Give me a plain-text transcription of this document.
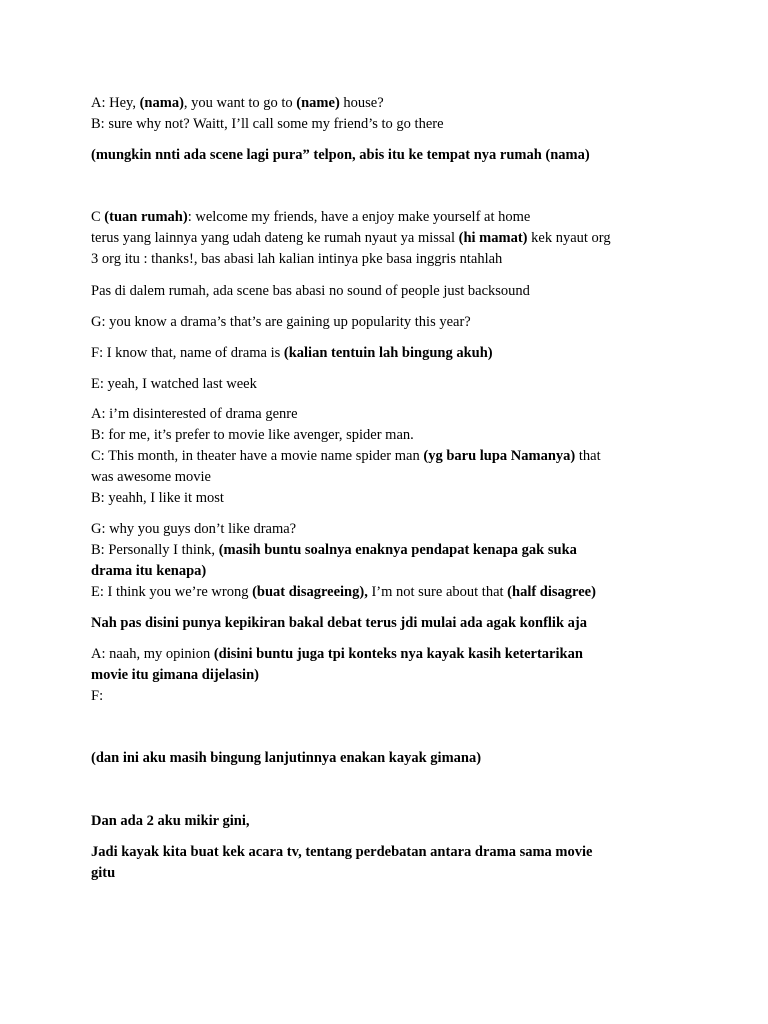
A: Hey, (nama), you want to go to (name) house?
B: sure why not? Waitt, I’ll call some my friend’s to go there
(mungkin nnti ada scene lagi pura” telpon, abis itu ke tempat nya rumah (nama)
C (tuan rumah): welcome my friends, have a enjoy make yourself at home
terus yang lainnya yang udah dateng ke rumah nyaut ya missal (hi mamat) kek nyaut org
3 org itu : thanks!, bas abasi lah kalian intinya pke basa inggris ntahlah
Pas di dalem rumah, ada scene bas abasi no sound of people just backsound
G: you know a drama’s that’s are gaining up popularity this year?
F: I know that, name of drama is (kalian tentuin lah bingung akuh)
E: yeah, I watched last week
A: i’m disinterested of drama genre
B: for me, it’s prefer to movie like avenger, spider man.
C: This month, in theater have a movie name spider man (yg baru lupa Namanya) that
was awesome movie
B: yeahh, I like it most
G: why you guys don’t like drama?
B: Personally I think, (masih buntu soalnya enaknya pendapat kenapa gak suka
drama itu kenapa)
E: I think you we’re wrong (buat disagreeing), I’m not sure about that (half disagree)
Nah pas disini punya kepikiran bakal debat terus jdi mulai ada agak konflik aja
A: naah, my opinion (disini buntu juga tpi konteks nya kayak kasih ketertarikan
movie itu gimana dijelasin)
F:
(dan ini aku masih bingung lanjutinnya enakan kayak gimana)
Dan ada 2 aku mikir gini,
Jadi kayak kita buat kek acara tv, tentang perdebatan antara drama sama movie
gitu
